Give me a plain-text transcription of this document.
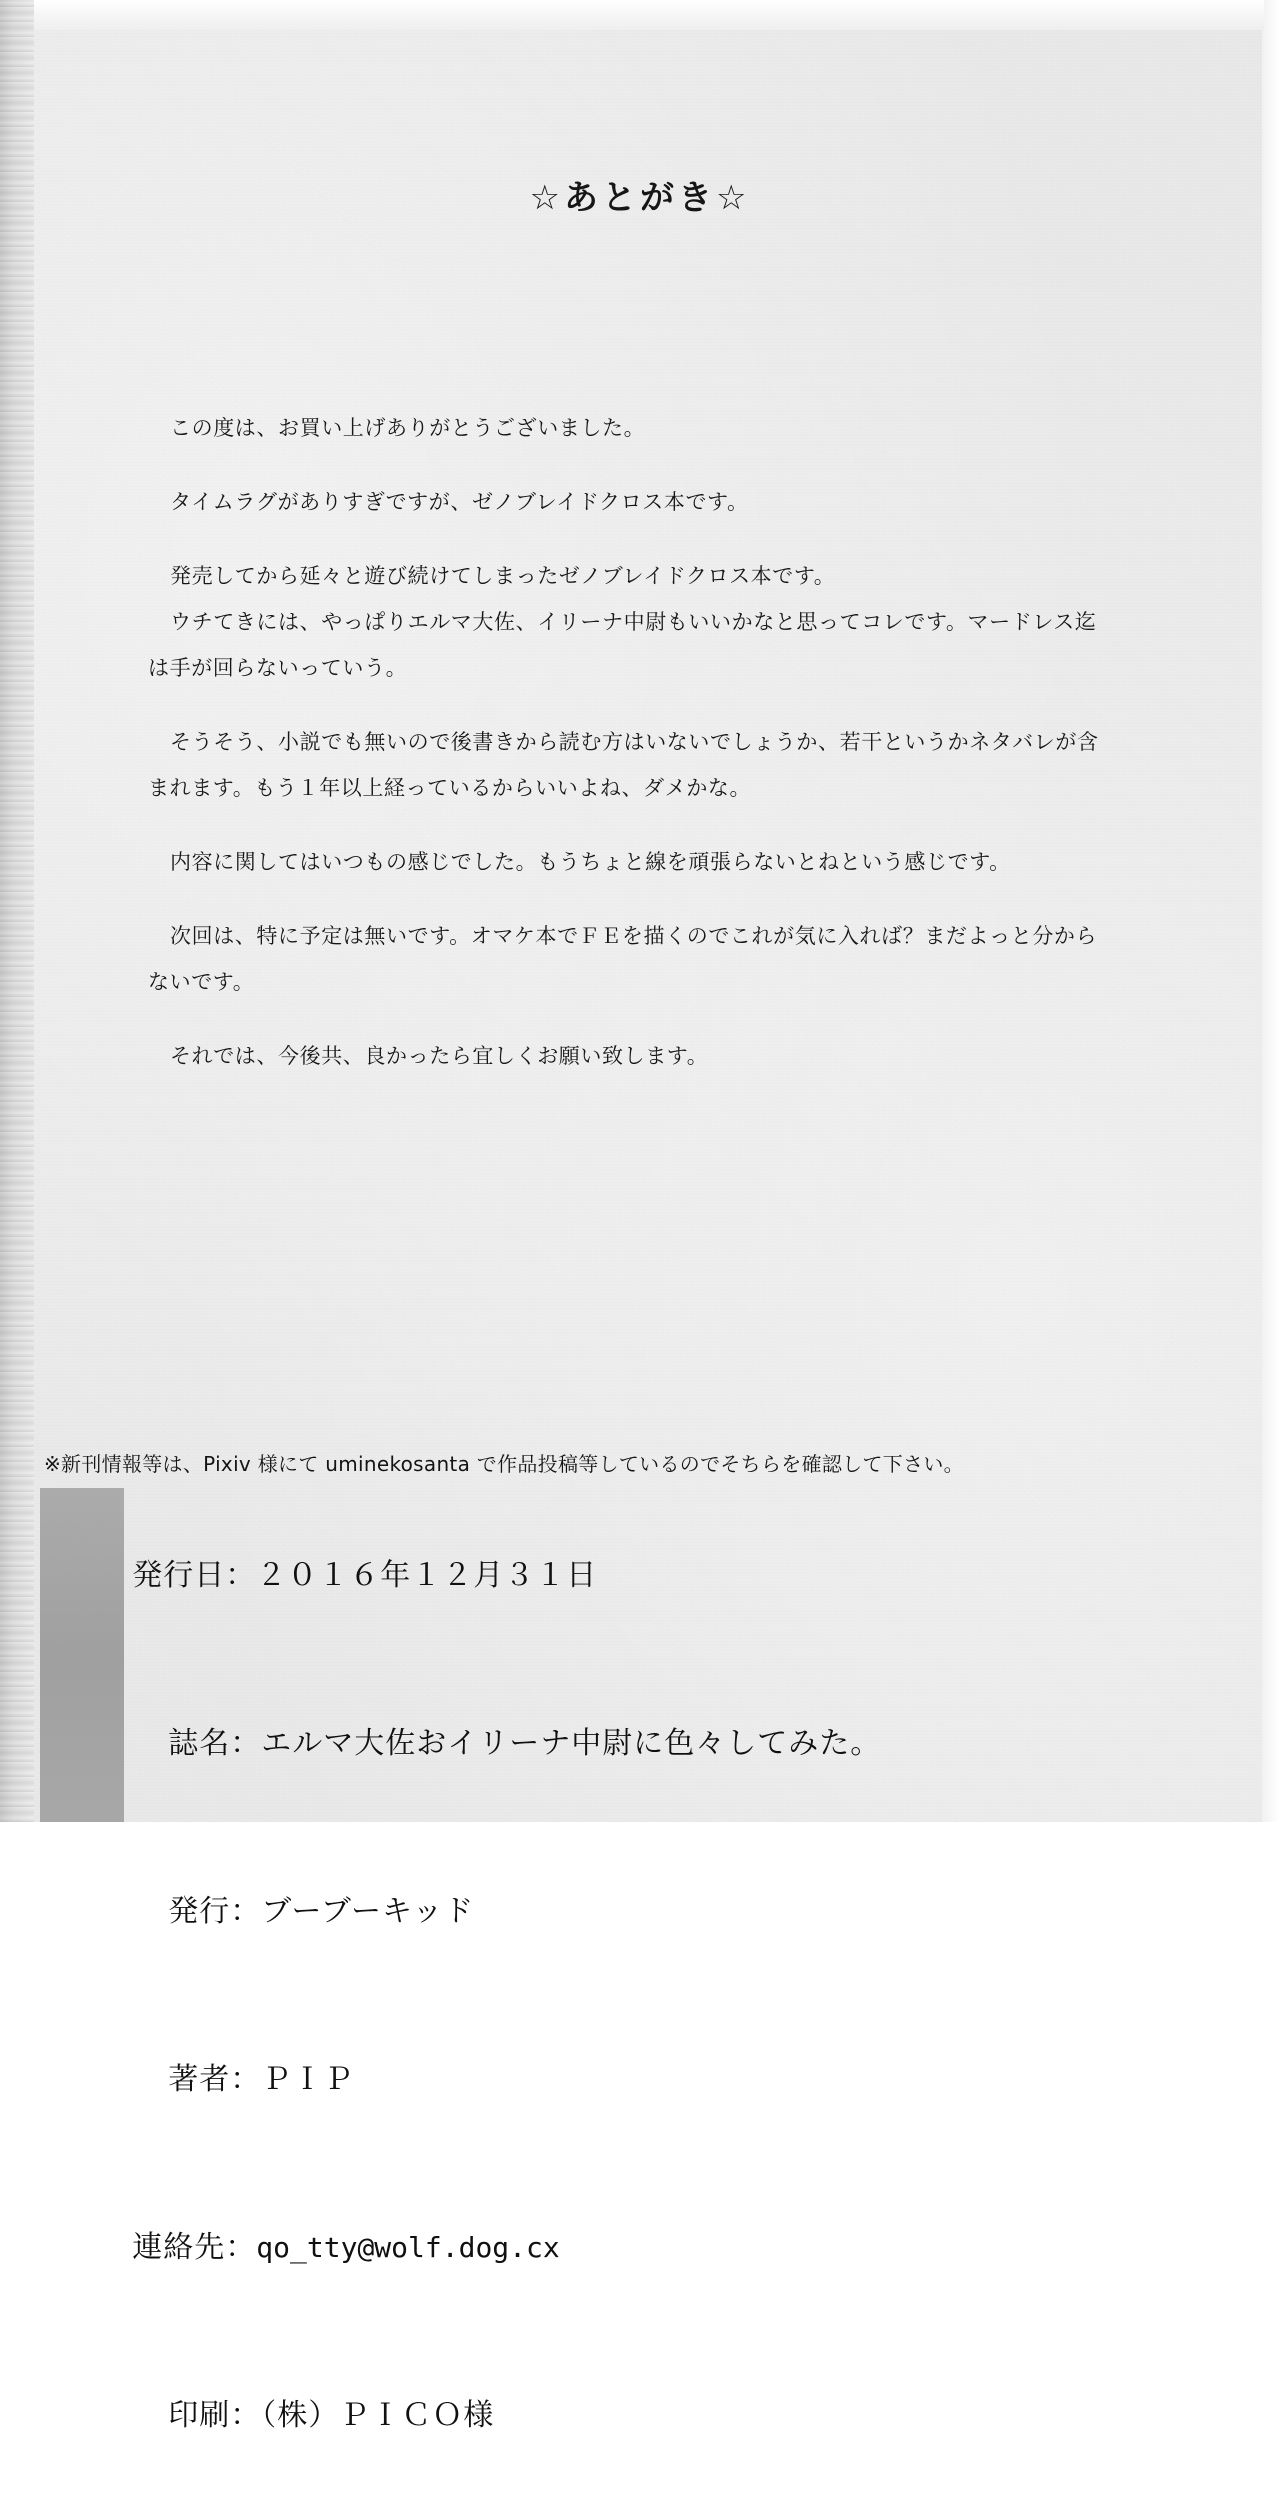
☆あとがき☆

この度は、お買い上げありがとうございました。

タイムラグがありすぎですが、ゼノブレイドクロス本です。

発売してから延々と遊び続けてしまったゼノブレイドクロス本です。

ウチてきには、やっぱりエルマ大佐、イリーナ中尉もいいかなと思ってコレです。マードレス迄は手が回らないっていう。

そうそう、小説でも無いので後書きから読む方はいないでしょうか、若干というかネタバレが含まれます。もう１年以上経っているからいいよね、ダメかな。

内容に関してはいつもの感じでした。もうちょと線を頑張らないとねという感じです。

次回は、特に予定は無いです。オマケ本でＦＥを描くのでこれが気に入れば？まだよっと分からないです。

それでは、今後共、良かったら宜しくお願い致します。

※新刊情報等は、Pixiv 様にて uminekosanta で作品投稿等しているのでそちらを確認して下さい。

発行日：２０１６年１２月３１日

誌名：エルマ大佐おイリーナ中尉に色々してみた。

発行：ブーブーキッド

著者：ＰＩＰ

連絡先：qo_tty@wolf.dog.cx

印刷：（株）ＰＩＣＯ様
